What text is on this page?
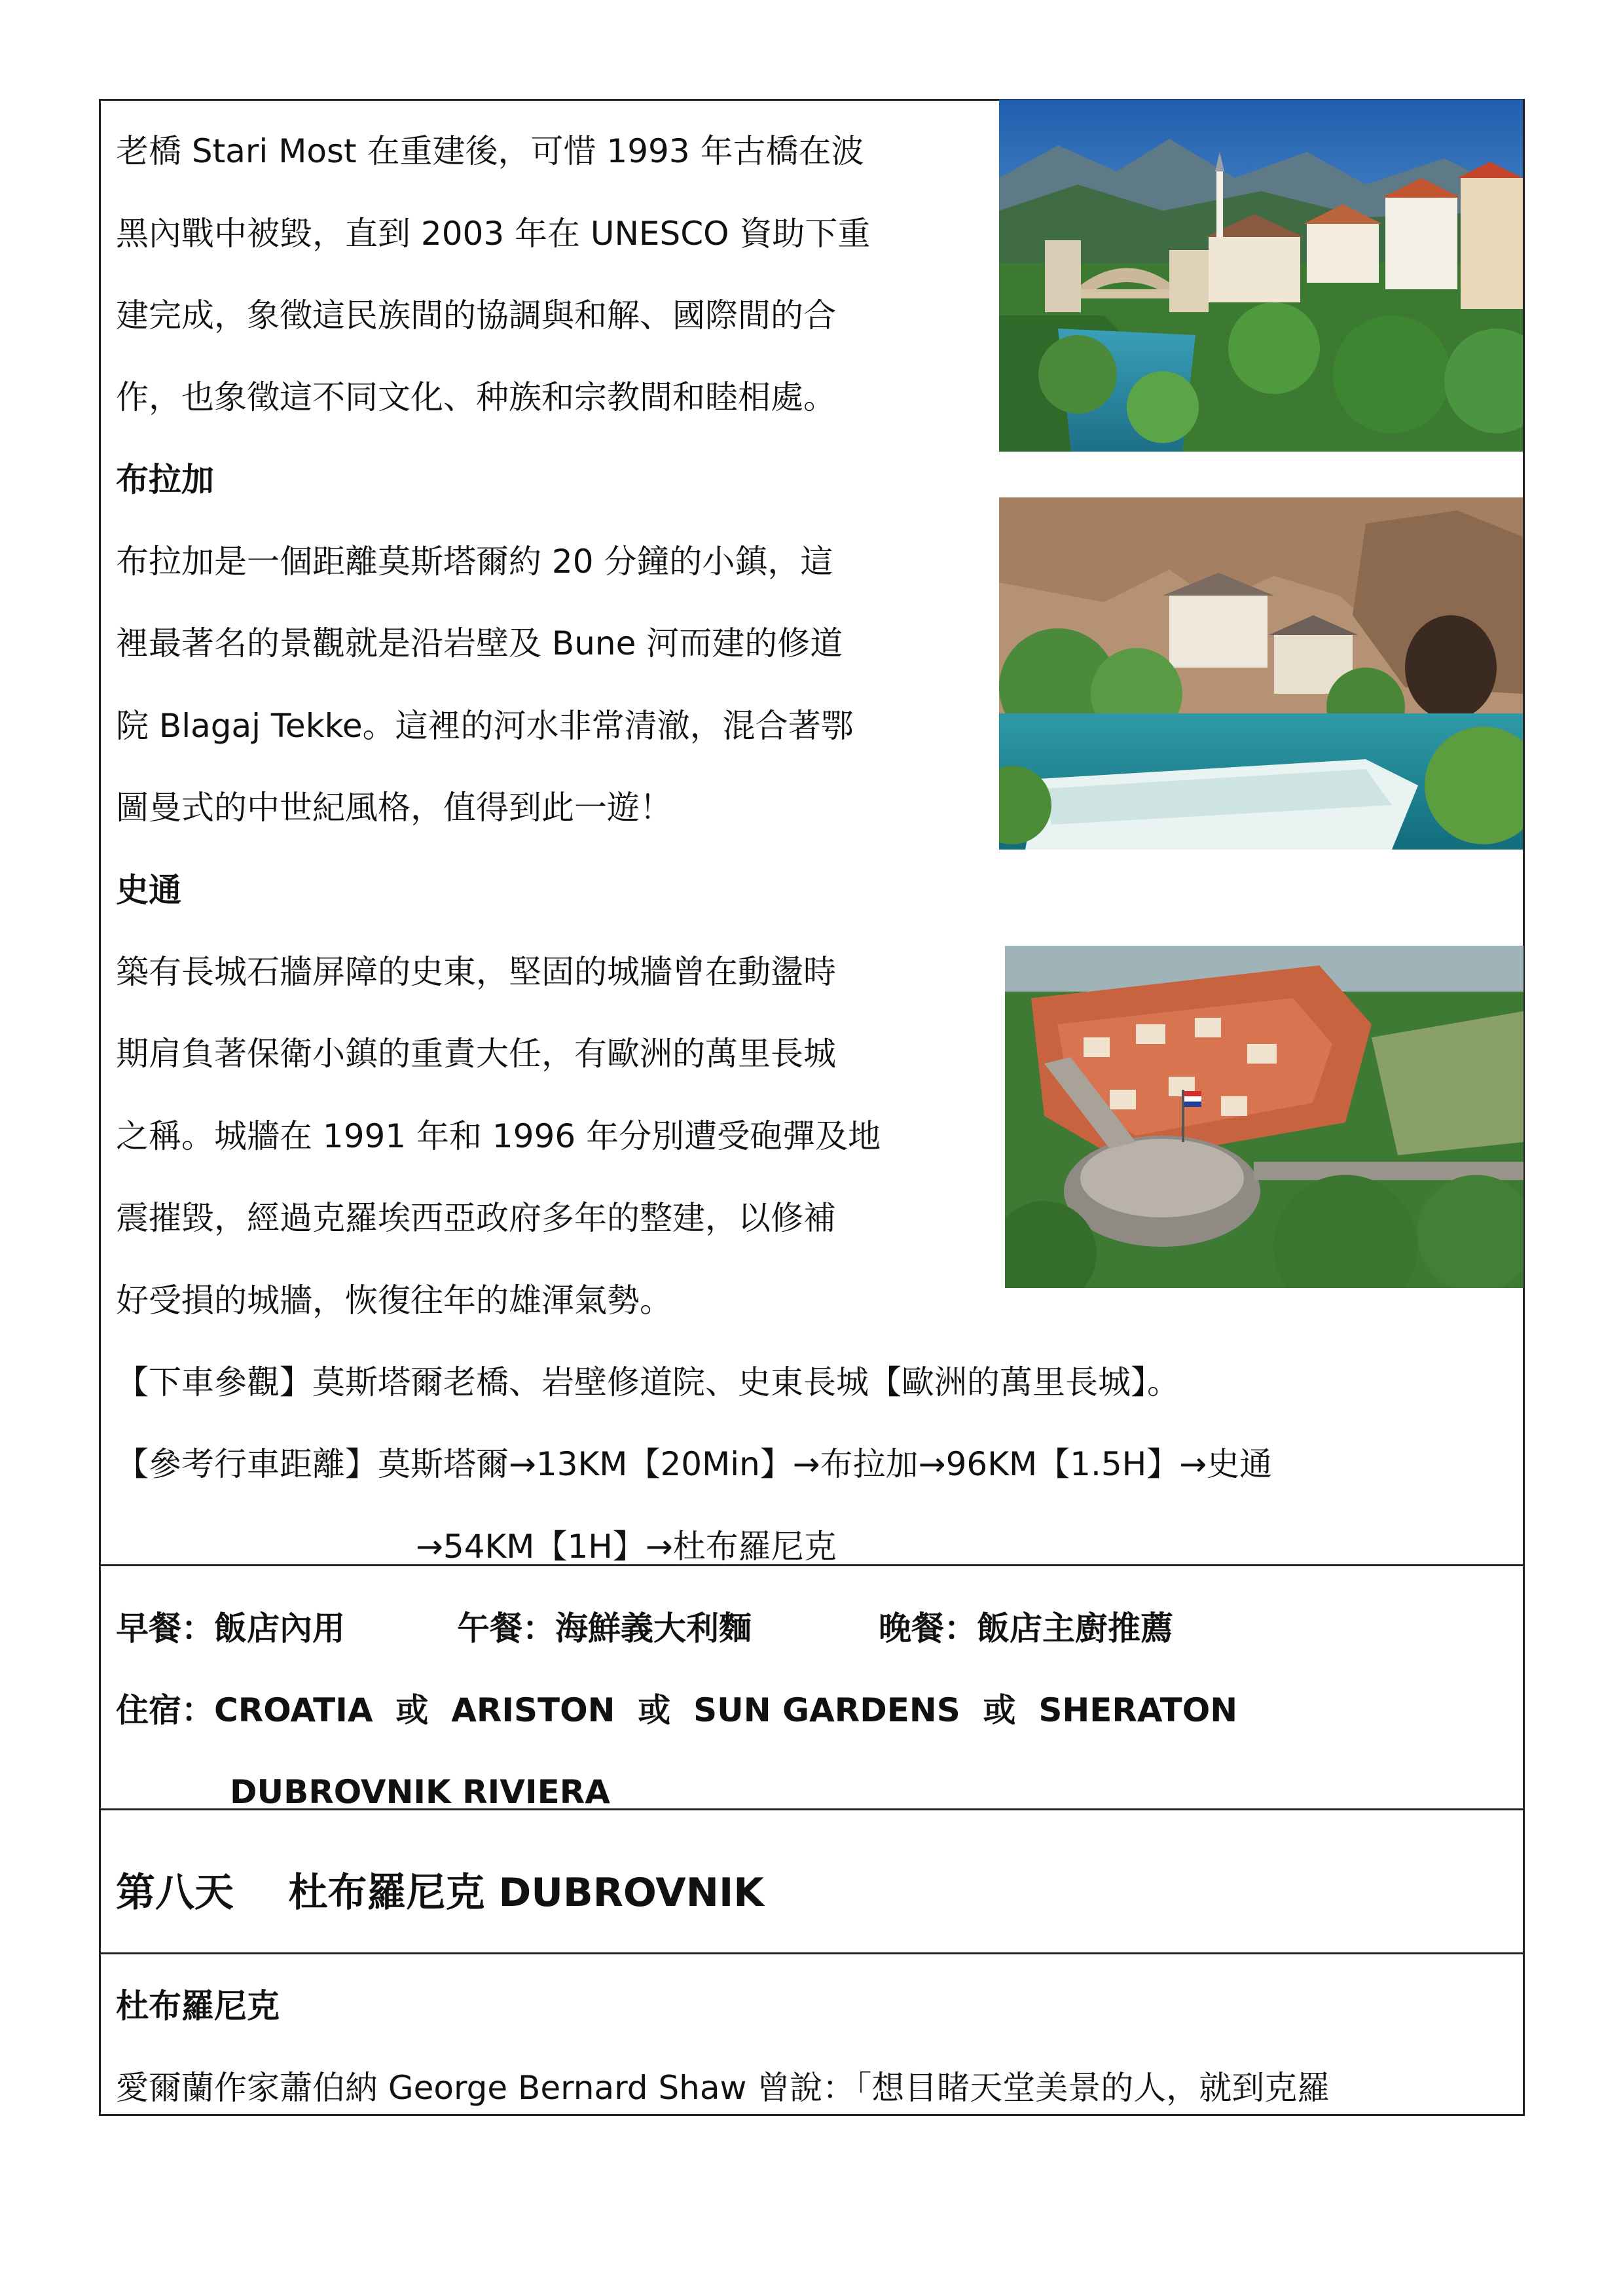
老橋 Stari Most 在重建後，可惜 1993 年古橋在波
黑內戰中被毀，直到 2003 年在 UNESCO 資助下重
建完成，象徵這民族間的協調與和解、國際間的合
作，也象徵這不同文化、种族和宗教間和睦相處。
布拉加
布拉加是一個距離莫斯塔爾約 20 分鐘的小鎮，這
裡最著名的景觀就是沿岩壁及 Bune 河而建的修道
院 Blagaj Tekke。這裡的河水非常清澈，混合著鄂
圖曼式的中世紀風格，值得到此一遊！
史通
築有長城石牆屏障的史東，堅固的城牆曾在動盪時
期肩負著保衛小鎮的重責大任，有歐洲的萬里長城
之稱。城牆在 1991 年和 1996 年分別遭受砲彈及地
震摧毀，經過克羅埃西亞政府多年的整建，以修補
好受損的城牆，恢復往年的雄渾氣勢。
【下車參觀】莫斯塔爾老橋、岩壁修道院、史東長城【歐洲的萬里長城】。
【參考行車距離】莫斯塔爾→13KM【20Min】→布拉加→96KM【1.5H】→史通
→54KM【1H】→杜布羅尼克
早餐：飯店內用	午餐：海鮮義大利麵	晚餐：飯店主廚推薦
住宿：CROATIA  或  ARISTON  或  SUN GARDENS  或  SHERATON
DUBROVNIK RIVIERA
第八天    杜布羅尼克 DUBROVNIK
杜布羅尼克
愛爾蘭作家蕭伯納 George Bernard Shaw 曾說：「想目睹天堂美景的人，就到克羅
